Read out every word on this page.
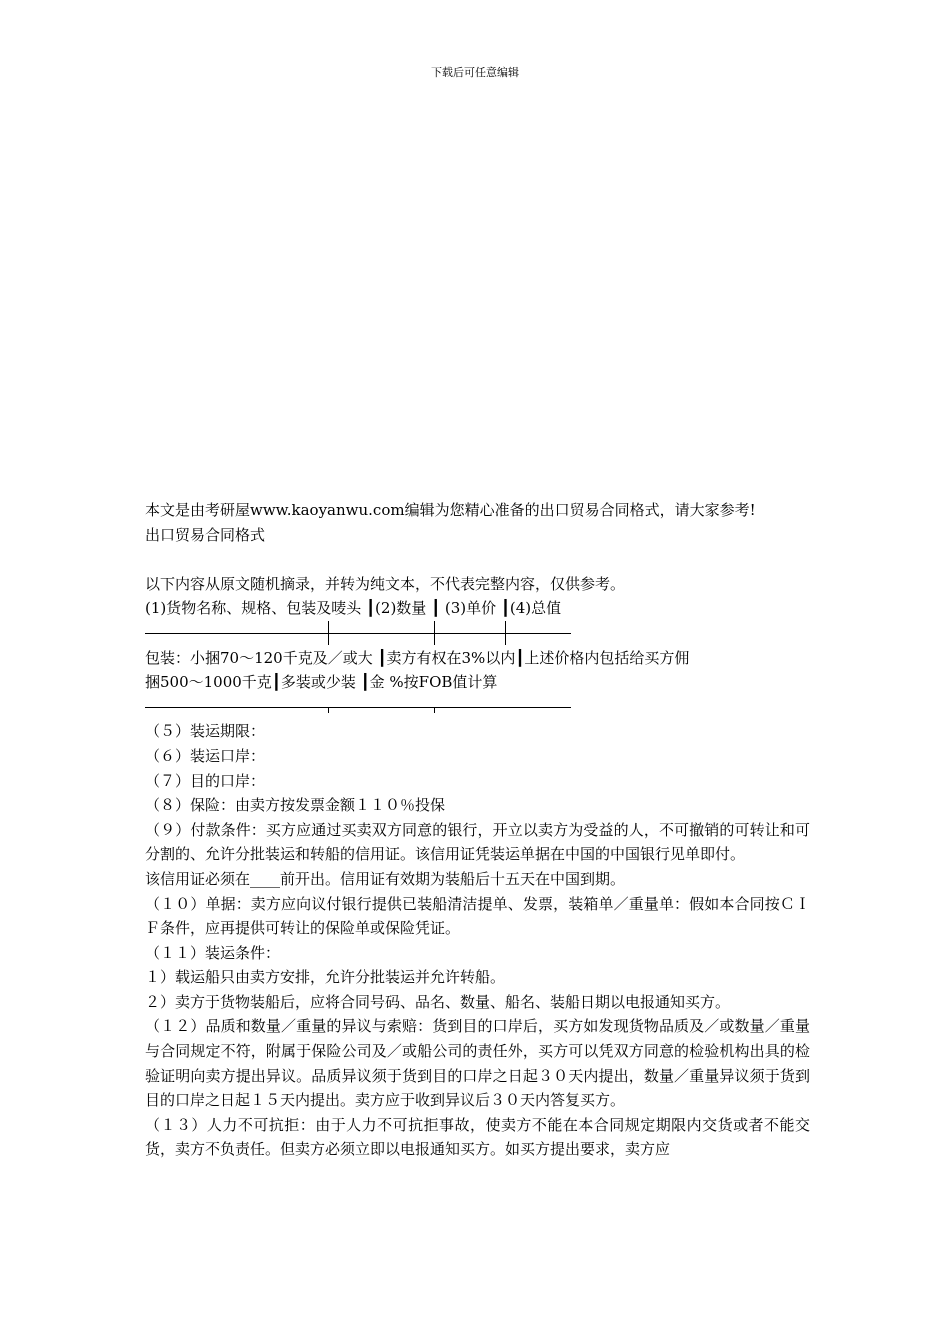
下载后可任意编辑

本文是由考研屋www.kaoyanwu.com编辑为您精心准备的出口贸易合同格式，请大家参考!

出口贸易合同格式

以下内容从原文随机摘录，并转为纯文本，不代表完整内容，仅供参考。

(1)货物名称、规格、包装及唛头 ┃(2)数量 ┃ (3)单价 ┃(4)总值

包装：小捆70～120千克及／或大 ┃卖方有权在3%以内┃上述价格内包括给买方佣

捆500～1000千克┃多装或少装 ┃金 %按FOB值计算

（５）装运期限：

（６）装运口岸：

（７）目的口岸：

（８）保险：由卖方按发票金额１１０％投保

（９）付款条件：买方应通过买卖双方同意的银行，开立以卖方为受益的人，不可撤销的可转让和可分割的、允许分批装运和转船的信用证。该信用证凭装运单据在中国的中国银行见单即付。

该信用证必须在____前开出。信用证有效期为装船后十五天在中国到期。

（１０）单据：卖方应向议付银行提供已装船清洁提单、发票，装箱单／重量单：假如本合同按ＣＩＦ条件，应再提供可转让的保险单或保险凭证。

（１１）装运条件：

１）载运船只由卖方安排，允许分批装运并允许转船。

２）卖方于货物装船后，应将合同号码、品名、数量、船名、装船日期以电报通知买方。

（１２）品质和数量／重量的异议与索赔：货到目的口岸后，买方如发现货物品质及／或数量／重量与合同规定不符，附属于保险公司及／或船公司的责任外，买方可以凭双方同意的检验机构出具的检验证明向卖方提出异议。品质异议须于货到目的口岸之日起３０天内提出，数量／重量异议须于货到目的口岸之日起１５天内提出。卖方应于收到异议后３０天内答复买方。

（１３）人力不可抗拒：由于人力不可抗拒事故，使卖方不能在本合同规定期限内交货或者不能交货，卖方不负责任。但卖方必须立即以电报通知买方。如买方提出要求，卖方应
